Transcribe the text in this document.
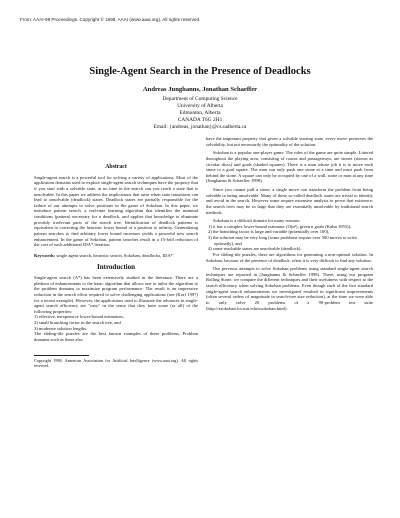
From: AAAI-98 Proceedings. Copyright © 1998, AAAI (www.aaai.org). All rights reserved.
Single-Agent Search in the Presence of Deadlocks
Andreas Junghanns, Jonathan Schaeffer
Department of Computing Science
University of Alberta
Edmonton, Alberta
CANADA T6G 2H1
Email: {andreas, jonathan}@cs.ualberta.ca
Abstract

Single-agent search is a powerful tool for solving a variety of applications. Most of the application domains used to explore single-agent search techniques have the property that if you start with a solvable state, at no time in the search can you reach a state that is unsolvable. In this paper we address the implications that arise when state transitions can lead to unsolvable (deadlock) states. Deadlock states are partially responsible for the failure of our attempts to solve positions in the game of Sokoban. In this paper, we introduce pattern search, a real-time learning algorithm that identifies the minimal conditions (pattern) necessary for a deadlock, and applies that knowledge to eliminate provably irrelevant parts of the search tree. Identification of deadlock patterns is equivalent to correcting the heuristic lower bound of a position to infinity. Generalizing pattern searches to find arbitrary lower bound increases yields a powerful new search enhancement. In the game of Sokoban, pattern searches result in a 15-fold reduction of the cost of each additional IDA* iteration.

Keywords: single agent search, heuristic search, Sokoban, deadlocks, IDA*

Introduction

Single-agent search (A*) has been extensively studied in the literature. There are a plethora of enhancements to the basic algorithm that allows one to tailor the algorithm to the problem domains to maximize program performance. The result is an impressive reduction in the search effort required to solve challenging applications (see (Korf 1997) for a recent example). However, the applications used to illustrate the advances in single-agent search efficiency are "easy" in the sense that they have some (or all) of the following properties:

1) effective, inexpensive lower-bound estimators,
2) small branching factor in the search tree, and
3) moderate solution lengths.

The sliding-tile puzzles are the best known examples of these problems. Problem domains such as these also

Copyright 1998, American Association for Artificial Intelligence (www.aaai.org). All rights reserved.

have the important property that given a solvable starting state, every move preserves the solvability, but not necessarily the optimality of the solution.

Sokoban is a popular one-player game. The rules of the game are quite simple. Littered throughout the playing area, consisting of rooms and passageways, are stones (shown as circular discs) and goals (shaded squares). There is a man whose job it is to move each stone to a goal square. The man can only push one stone at a time and must push from behind the stone. A square can only be occupied by one of a wall, stone or man at any time (Junghanns & Schaeffer 1998).

Since you cannot pull a stone, a single move can transform the problem from being solvable to being unsolvable. Many of these so-called deadlock states are trivial to identify and avoid in the search. However some require extensive analysis to prove that existence; the search trees may be so large that they are essentially unsolvable by traditional search methods.

Sokoban is a difficult domain for many reasons:

1) it has a complex lower-bound estimator (O(n³), given n goals (Kuhn 1955)),
2) the branching factor is large and variable (potentially over 100),
3) the solution may be very long (some problems require over 500 moves to solve optimally), and
4) some reachable states are unsolvable (deadlock).

For sliding-tile puzzles, there are algorithms for generating a non-optimal solution. In Sokoban, because of the presence of deadlock, often it is very difficult to find any solution.

Our previous attempts to solve Sokoban problems using standard single-agent search techniques are reported in (Junghanns & Schaeffer 1998). There, using our program Rolling Stone, we compare the different techniques and their usefulness with respect to the search efficiency when solving Sokoban problems. Even though each of the five standard single-agent search enhancements we investigated resulted in significant improvements (often several orders of magnitude in search-tree size reduction), at the time we were able to only solve 20 problems of a 90-problem test suite (http://xsokoban.lcs.mit.edu/xsokoban.html).
